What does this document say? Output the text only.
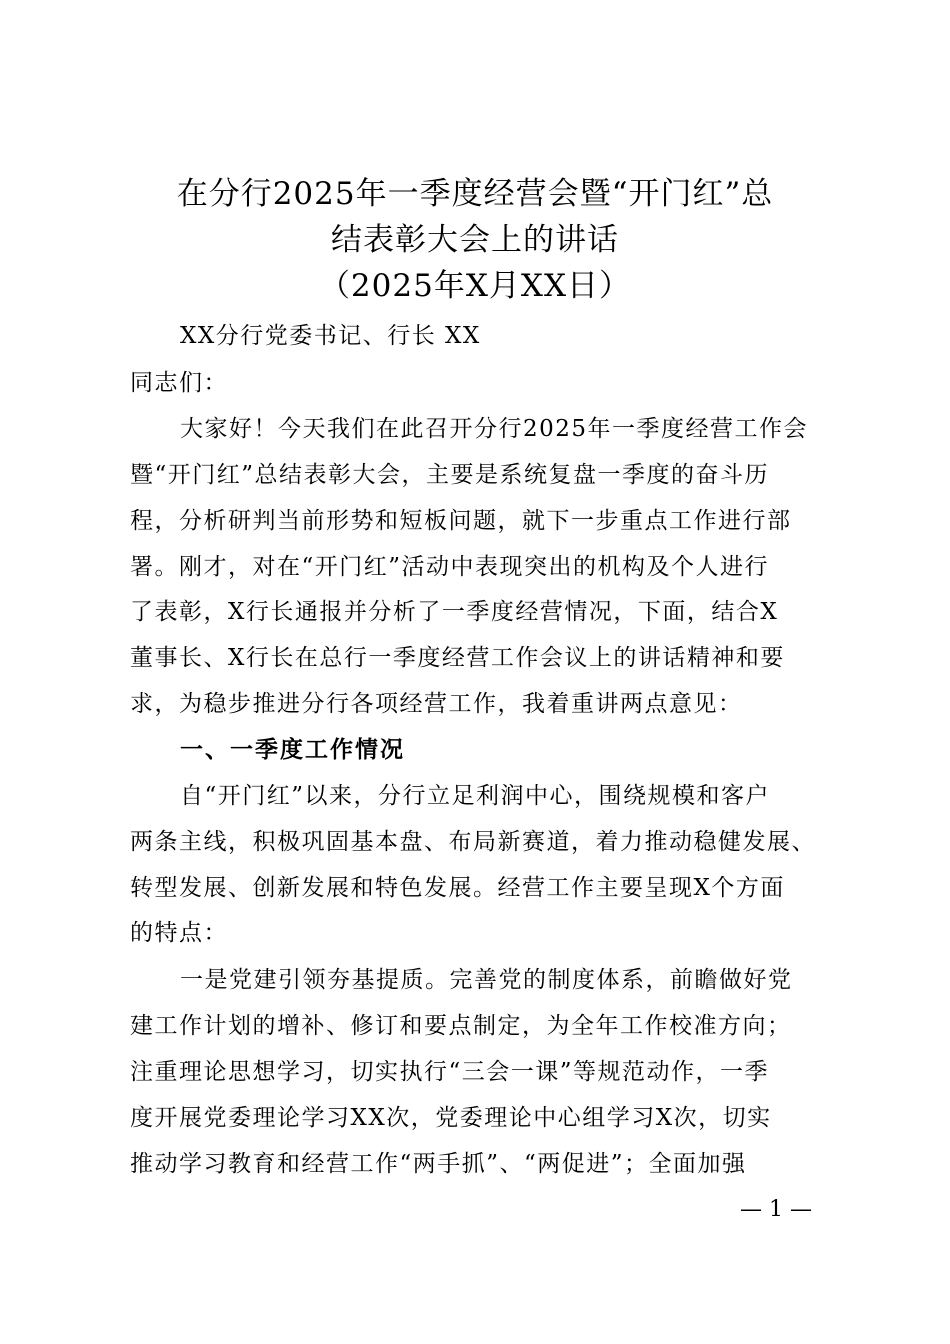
在分行2025年一季度经营会暨“开门红”总
结表彰大会上的讲话
（2025年X月XX日）
XX分行党委书记、行长 XX
同志们：
大家好！今天我们在此召开分行2025年一季度经营工作会
暨“开门红”总结表彰大会，主要是系统复盘一季度的奋斗历
程，分析研判当前形势和短板问题，就下一步重点工作进行部
署。刚才，对在“开门红”活动中表现突出的机构及个人进行
了表彰，X行长通报并分析了一季度经营情况，下面，结合X
董事长、X行长在总行一季度经营工作会议上的讲话精神和要
求，为稳步推进分行各项经营工作，我着重讲两点意见：
一、一季度工作情况
自“开门红”以来，分行立足利润中心，围绕规模和客户
两条主线，积极巩固基本盘、布局新赛道，着力推动稳健发展、
转型发展、创新发展和特色发展。经营工作主要呈现X个方面
的特点：
一是党建引领夯基提质。完善党的制度体系，前瞻做好党
建工作计划的增补、修订和要点制定，为全年工作校准方向；
注重理论思想学习，切实执行“三会一课”等规范动作，一季
度开展党委理论学习XX次，党委理论中心组学习X次，切实
推动学习教育和经营工作“两手抓”、“两促进”；全面加强
— 1 —
